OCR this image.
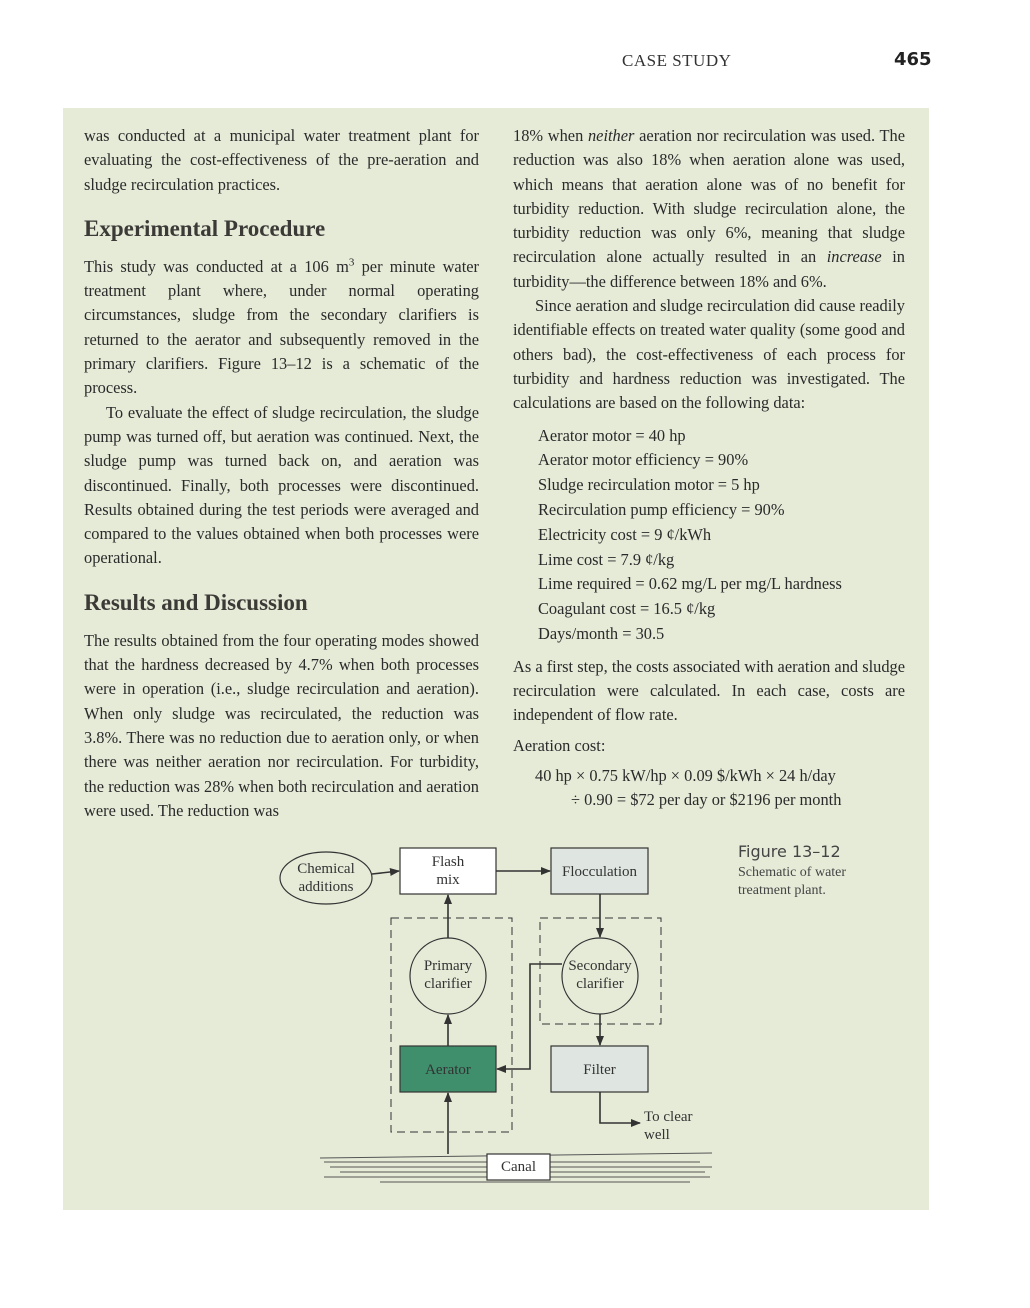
CASE STUDY	465

was conducted at a municipal water treatment plant for evaluating the cost-effectiveness of the pre-aeration and sludge recirculation practices.

Experimental Procedure

This study was conducted at a 106 $m^3$ per minute water treatment plant where, under normal operating circumstances, sludge from the secondary clarifiers is returned to the aerator and subsequently removed in the primary clarifiers. Figure 13–12 is a schematic of the process.

To evaluate the effect of sludge recirculation, the sludge pump was turned off, but aeration was continued. Next, the sludge pump was turned back on, and aeration was discontinued. Finally, both processes were discontinued. Results obtained during the test periods were averaged and compared to the values obtained when both processes were operational.

Results and Discussion

The results obtained from the four operating modes showed that the hardness decreased by 4.7% when both processes were in operation (i.e., sludge recirculation and aeration). When only sludge was recirculated, the reduction was 3.8%. There was no reduction due to aeration only, or when there was neither aeration nor recirculation. For turbidity, the reduction was 28% when both recirculation and aeration were used. The reduction was

18% when neither aeration nor recirculation was used. The reduction was also 18% when aeration alone was used, which means that aeration alone was of no benefit for turbidity reduction. With sludge recirculation alone, the turbidity reduction was only 6%, meaning that sludge recirculation alone actually resulted in an increase in turbidity—the difference between 18% and 6%.

Since aeration and sludge recirculation did cause readily identifiable effects on treated water quality (some good and others bad), the cost-effectiveness of each process for turbidity and hardness reduction was investigated. The calculations are based on the following data:

Aerator motor = 40 hp
Aerator motor efficiency = 90%
Sludge recirculation motor = 5 hp
Recirculation pump efficiency = 90%
Electricity cost = 9 ¢/kWh
Lime cost = 7.9 ¢/kg
Lime required = 0.62 mg/L per mg/L hardness
Coagulant cost = 16.5 ¢/kg
Days/month = 30.5

As a first step, the costs associated with aeration and sludge recirculation were calculated. In each case, costs are independent of flow rate.

Aeration cost:

40 hp × 0.75 kW/hp × 0.09 $/kWh × 24 h/day
÷ 0.90 = $72 per day or $2196 per month
Chemical
additions
Flash
mix	Flocculation
Primary
clarifier
Secondary
clarifier
Aerator	Filter
To clear
well
Canal
Figure 13–12
Schematic of water
treatment plant.
